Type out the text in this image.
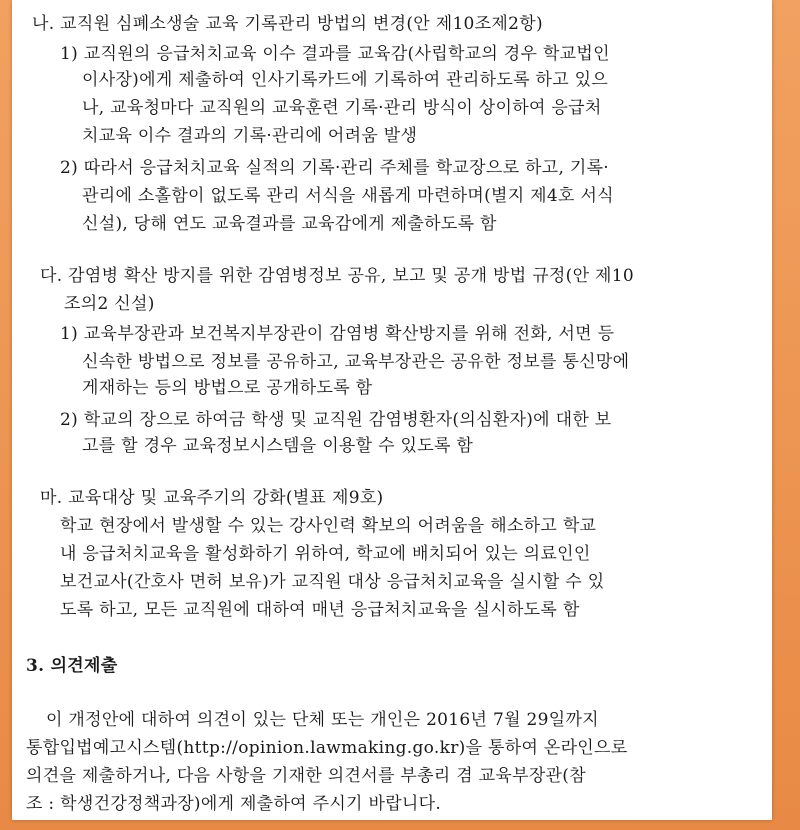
나. 교직원 심폐소생술 교육 기록관리 방법의 변경(안 제10조제2항)
1) 교직원의 응급처치교육 이수 결과를 교육감(사립학교의 경우 학교법인
이사장)에게 제출하여 인사기록카드에 기록하여 관리하도록 하고 있으
나, 교육청마다 교직원의 교육훈련 기록·관리 방식이 상이하여 응급처
치교육 이수 결과의 기록·관리에 어려움 발생
2) 따라서 응급처치교육 실적의 기록·관리 주체를 학교장으로 하고, 기록·
관리에 소홀함이 없도록 관리 서식을 새롭게 마련하며(별지 제4호 서식
신설), 당해 연도 교육결과를 교육감에게 제출하도록 함
다. 감염병 확산 방지를 위한 감염병정보 공유, 보고 및 공개 방법 규정(안 제10
조의2 신설)
1) 교육부장관과 보건복지부장관이 감염병 확산방지를 위해 전화, 서면 등
신속한 방법으로 정보를 공유하고, 교육부장관은 공유한 정보를 통신망에
게재하는 등의 방법으로 공개하도록 함
2) 학교의 장으로 하여금 학생 및 교직원 감염병환자(의심환자)에 대한 보
고를 할 경우 교육정보시스템을 이용할 수 있도록 함
마. 교육대상 및 교육주기의 강화(별표 제9호)
학교 현장에서 발생할 수 있는 강사인력 확보의 어려움을 해소하고 학교
내 응급처치교육을 활성화하기 위하여, 학교에 배치되어 있는 의료인인
보건교사(간호사 면허 보유)가 교직원 대상 응급처치교육을 실시할 수 있
도록 하고, 모든 교직원에 대하여 매년 응급처치교육을 실시하도록 함
3. 의견제출
이 개정안에 대하여 의견이 있는 단체 또는 개인은 2016년 7월 29일까지
통합입법예고시스템(http://opinion.lawmaking.go.kr)을 통하여 온라인으로
의견을 제출하거나, 다음 사항을 기재한 의견서를 부총리 겸 교육부장관(참
조 : 학생건강정책과장)에게 제출하여 주시기 바랍니다.
